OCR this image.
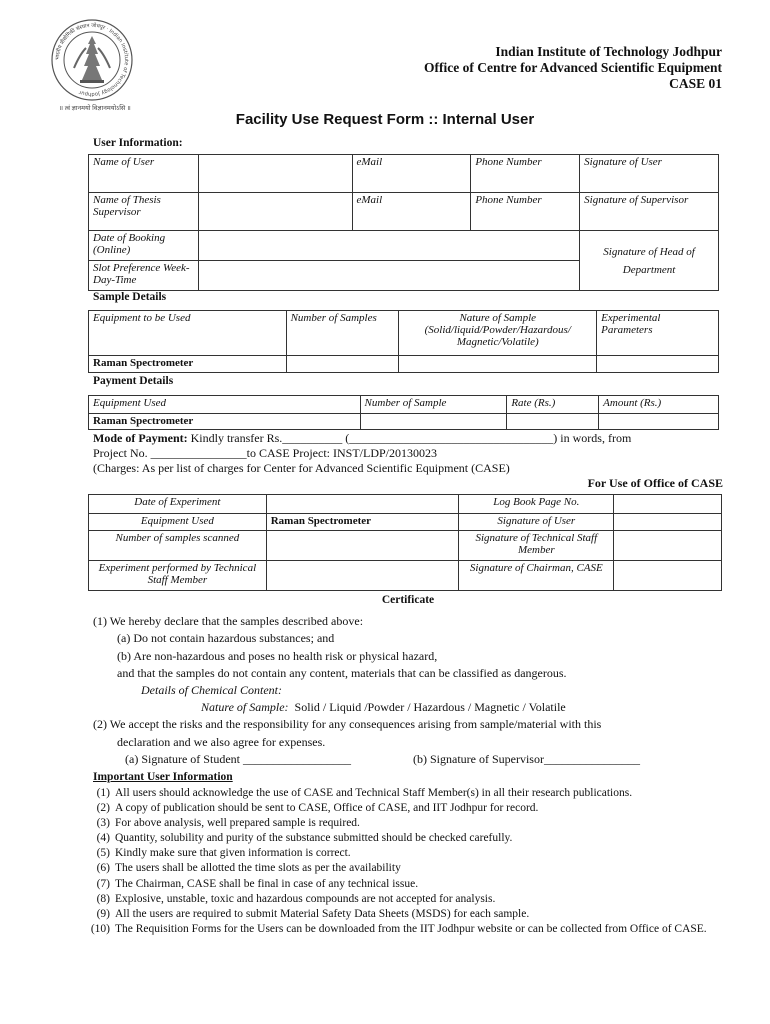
भारतीय प्रौद्योगिकी संस्थान जोधपुर · Indian Institute of Technology Jodhpur
॥ त्वं ज्ञानमयो विज्ञानमयोऽसि ॥
Indian Institute of Technology Jodhpur
Office of Centre for Advanced Scientific Equipment
CASE 01
Facility Use Request Form :: Internal User
User Information:
Name of User		eMail	Phone Number	Signature of User
Name of Thesis Supervisor		eMail	Phone Number	Signature of Supervisor
Date of Booking (Online)				Signature of Head of Department
Slot Preference Week-Day-Time				
Sample Details
Equipment to be Used	Number of Samples	Nature of Sample (Solid/liquid/Powder/Hazardous/ Magnetic/Volatile)	Experimental Parameters
Raman Spectrometer			
Payment Details
Equipment Used	Number of Sample	Rate (Rs.)	Amount (Rs.)
Raman Spectrometer			
Mode of Payment: Kindly transfer Rs.__________ (__________________________________) in words, from
Project No. ________________to CASE Project: INST/LDP/20130023
(Charges: As per list of charges for Center for Advanced Scientific Equipment (CASE)
For Use of Office of CASE
Date of Experiment		Log Book Page No.	
Equipment Used	Raman Spectrometer	Signature of User	
Number of samples scanned		Signature of Technical Staff Member	
Experiment performed by Technical Staff Member		Signature of Chairman, CASE	
Certificate
(1) We hereby declare that the samples described above:
(a) Do not contain hazardous substances; and
(b) Are non-hazardous and poses no health risk or physical hazard,
and that the samples do not contain any content, materials that can be classified as dangerous.
Details of Chemical Content:
Nature of Sample: Solid / Liquid /Powder / Hazardous / Magnetic / Volatile
(2) We accept the risks and the responsibility for any consequences arising from sample/material with this
declaration and we also agree for expenses.
(a) Signature of Student __________________	(b) Signature of Supervisor________________
Important User Information
(1) All users should acknowledge the use of CASE and Technical Staff Member(s) in all their research publications.
(2) A copy of publication should be sent to CASE, Office of CASE, and IIT Jodhpur for record.
(3) For above analysis, well prepared sample is required.
(4) Quantity, solubility and purity of the substance submitted should be checked carefully.
(5) Kindly make sure that given information is correct.
(6) The users shall be allotted the time slots as per the availability
(7) The Chairman, CASE shall be final in case of any technical issue.
(8) Explosive, unstable, toxic and hazardous compounds are not accepted for analysis.
(9) All the users are required to submit Material Safety Data Sheets (MSDS) for each sample.
(10) The Requisition Forms for the Users can be downloaded from the IIT Jodhpur website or can be collected from Office of CASE.
